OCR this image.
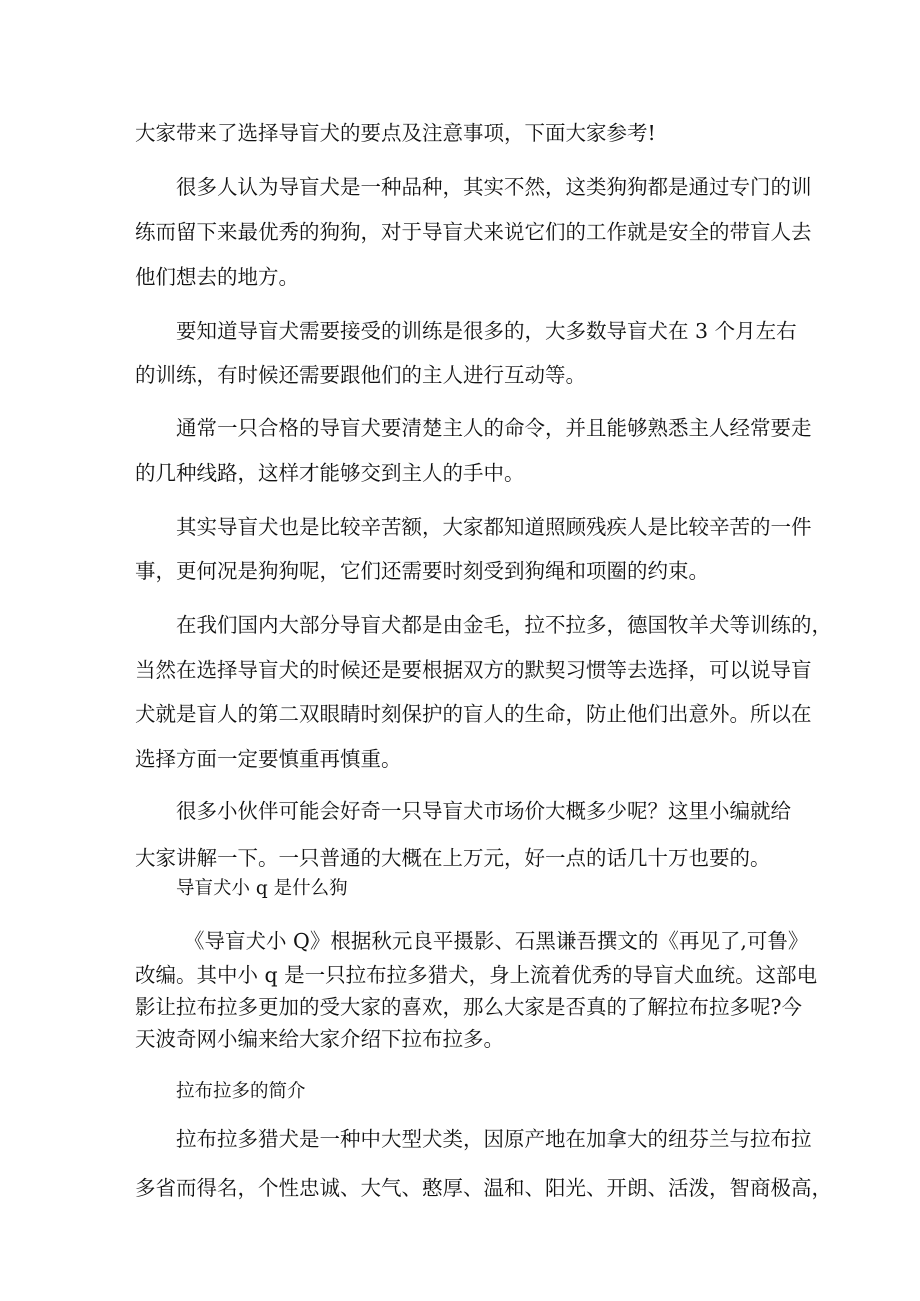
大家带来了选择导盲犬的要点及注意事项，下面大家参考!
很多人认为导盲犬是一种品种，其实不然，这类狗狗都是通过专门的训
练而留下来最优秀的狗狗，对于导盲犬来说它们的工作就是安全的带盲人去
他们想去的地方。
要知道导盲犬需要接受的训练是很多的，大多数导盲犬在 3 个月左右
的训练，有时候还需要跟他们的主人进行互动等。
通常一只合格的导盲犬要清楚主人的命令，并且能够熟悉主人经常要走
的几种线路，这样才能够交到主人的手中。
其实导盲犬也是比较辛苦额，大家都知道照顾残疾人是比较辛苦的一件
事，更何况是狗狗呢，它们还需要时刻受到狗绳和项圈的约束。
在我们国内大部分导盲犬都是由金毛，拉不拉多，德国牧羊犬等训练的，
当然在选择导盲犬的时候还是要根据双方的默契习惯等去选择，可以说导盲
犬就是盲人的第二双眼睛时刻保护的盲人的生命，防止他们出意外。所以在
选择方面一定要慎重再慎重。
很多小伙伴可能会好奇一只导盲犬市场价大概多少呢？这里小编就给
大家讲解一下。一只普通的大概在上万元，好一点的话几十万也要的。
导盲犬小 q 是什么狗
《导盲犬小 Q》根据秋元良平摄影、石黑谦吾撰文的《再见了,可鲁》
改编。其中小 q 是一只拉布拉多猎犬，身上流着优秀的导盲犬血统。这部电
影让拉布拉多更加的受大家的喜欢，那么大家是否真的了解拉布拉多呢?今
天波奇网小编来给大家介绍下拉布拉多。
拉布拉多的简介
拉布拉多猎犬是一种中大型犬类，因原产地在加拿大的纽芬兰与拉布拉
多省而得名，个性忠诚、大气、憨厚、温和、阳光、开朗、活泼，智商极高，
